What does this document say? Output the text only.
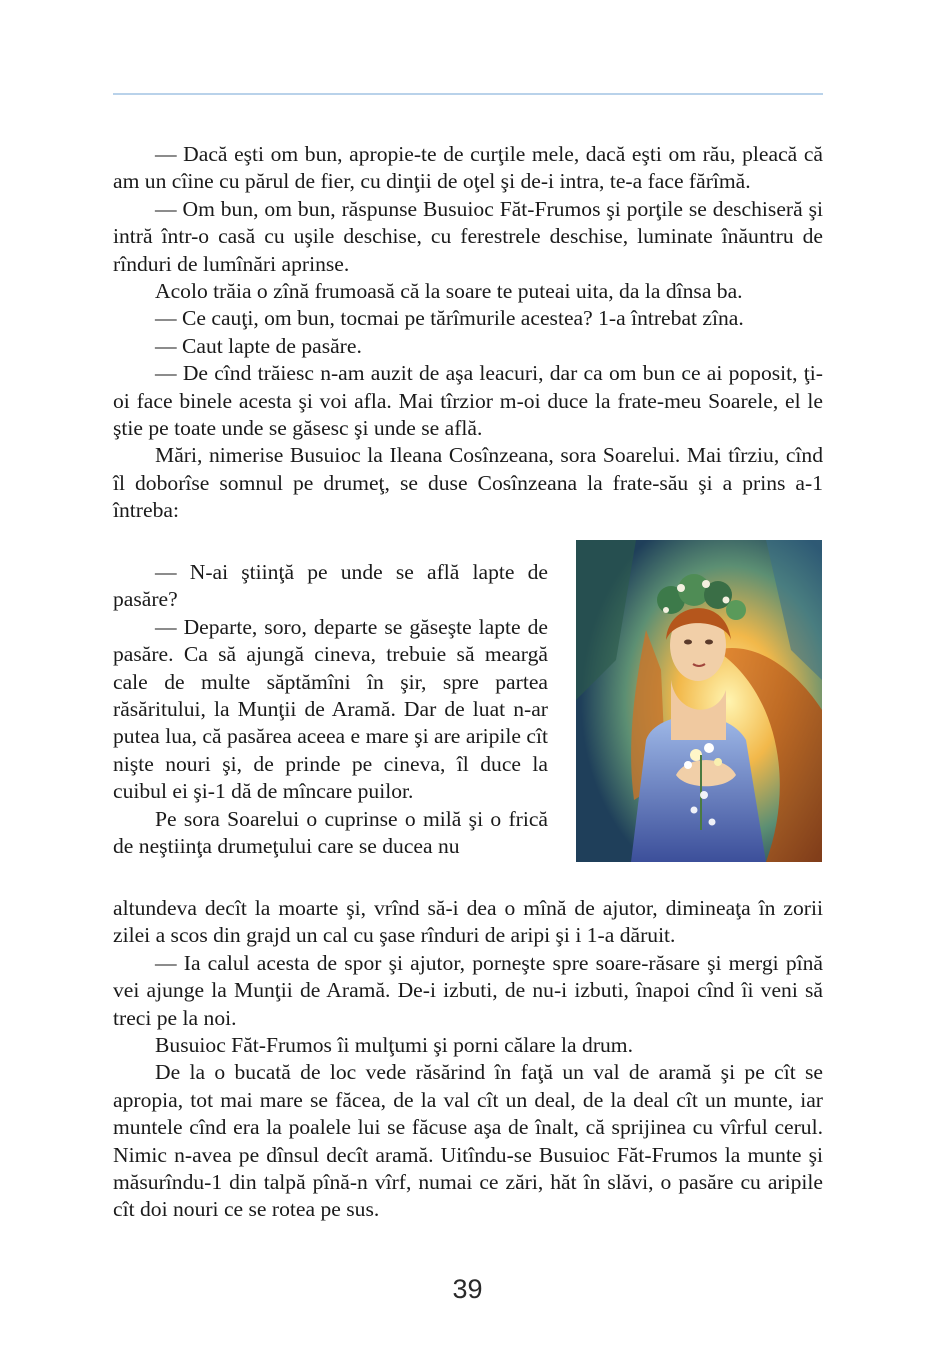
— Dacă eşti om bun, apropie-te de curţile mele, dacă eşti om rău, pleacă că am un cîine cu părul de fier, cu dinţii de oţel şi de-i intra, te-a face fărîmă.

— Om bun, om bun, răspunse Busuioc Făt-Frumos şi porţile se deschiseră şi intră într-o casă cu uşile deschise, cu ferestrele deschise, luminate înăuntru de rînduri de lumînări aprinse.

Acolo trăia o zînă frumoasă că la soare te puteai uita, da la dînsa ba.

— Ce cauţi, om bun, tocmai pe tărîmurile acestea? 1-a întrebat zîna.

— Caut lapte de pasăre.

— De cînd trăiesc n-am auzit de aşa leacuri, dar ca om bun ce ai poposit, ţi-oi face binele acesta şi voi afla. Mai tîrzior m-oi duce la frate-meu Soarele, el le ştie pe toate unde se găsesc şi unde se află.

Mări, nimerise Busuioc la Ileana Cosînzeana, sora Soarelui. Mai tîrziu, cînd îl doborîse somnul pe drumeţ, se duse Cosînzeana la frate-său şi a prins a-1 întreba:

— N-ai ştiinţă pe unde se află lapte de pasăre?

— Departe, soro, departe se găseşte lapte de pasăre. Ca să ajungă cineva, trebuie să meargă cale de multe săptămîni în şir, spre partea răsăritului, la Munţii de Aramă. Dar de luat n-ar putea lua, că pasărea aceea e mare şi are aripile cît nişte nouri şi, de prinde pe cineva, îl duce la cuibul ei şi-1 dă de mîncare puilor.

Pe sora Soarelui o cuprinse o milă şi o frică de neştiinţa drumeţului care se ducea nu

altundeva decît la moarte şi, vrînd să-i dea o mînă de ajutor, dimineaţa în zorii zilei a scos din grajd un cal cu şase rînduri de aripi şi i 1-a dăruit.

— Ia calul acesta de spor şi ajutor, porneşte spre soare-răsare şi mergi pînă vei ajunge la Munţii de Aramă. De-i izbuti, de nu-i izbuti, înapoi cînd îi veni să treci pe la noi.

Busuioc Făt-Frumos îi mulţumi şi porni călare la drum.

De la o bucată de loc vede răsărind în faţă un val de aramă şi pe cît se apropia, tot mai mare se făcea, de la val cît un deal, de la deal cît un munte, iar muntele cînd era la poalele lui se făcuse aşa de înalt, că sprijinea cu vîrful cerul. Nimic n-avea pe dînsul decît aramă. Uitîndu-se Busuioc Făt-Frumos la munte şi măsurîndu-1 din talpă pînă-n vîrf, numai ce zări, hăt în slăvi, o pasăre cu aripile cît doi nouri ce se rotea pe sus.

39
